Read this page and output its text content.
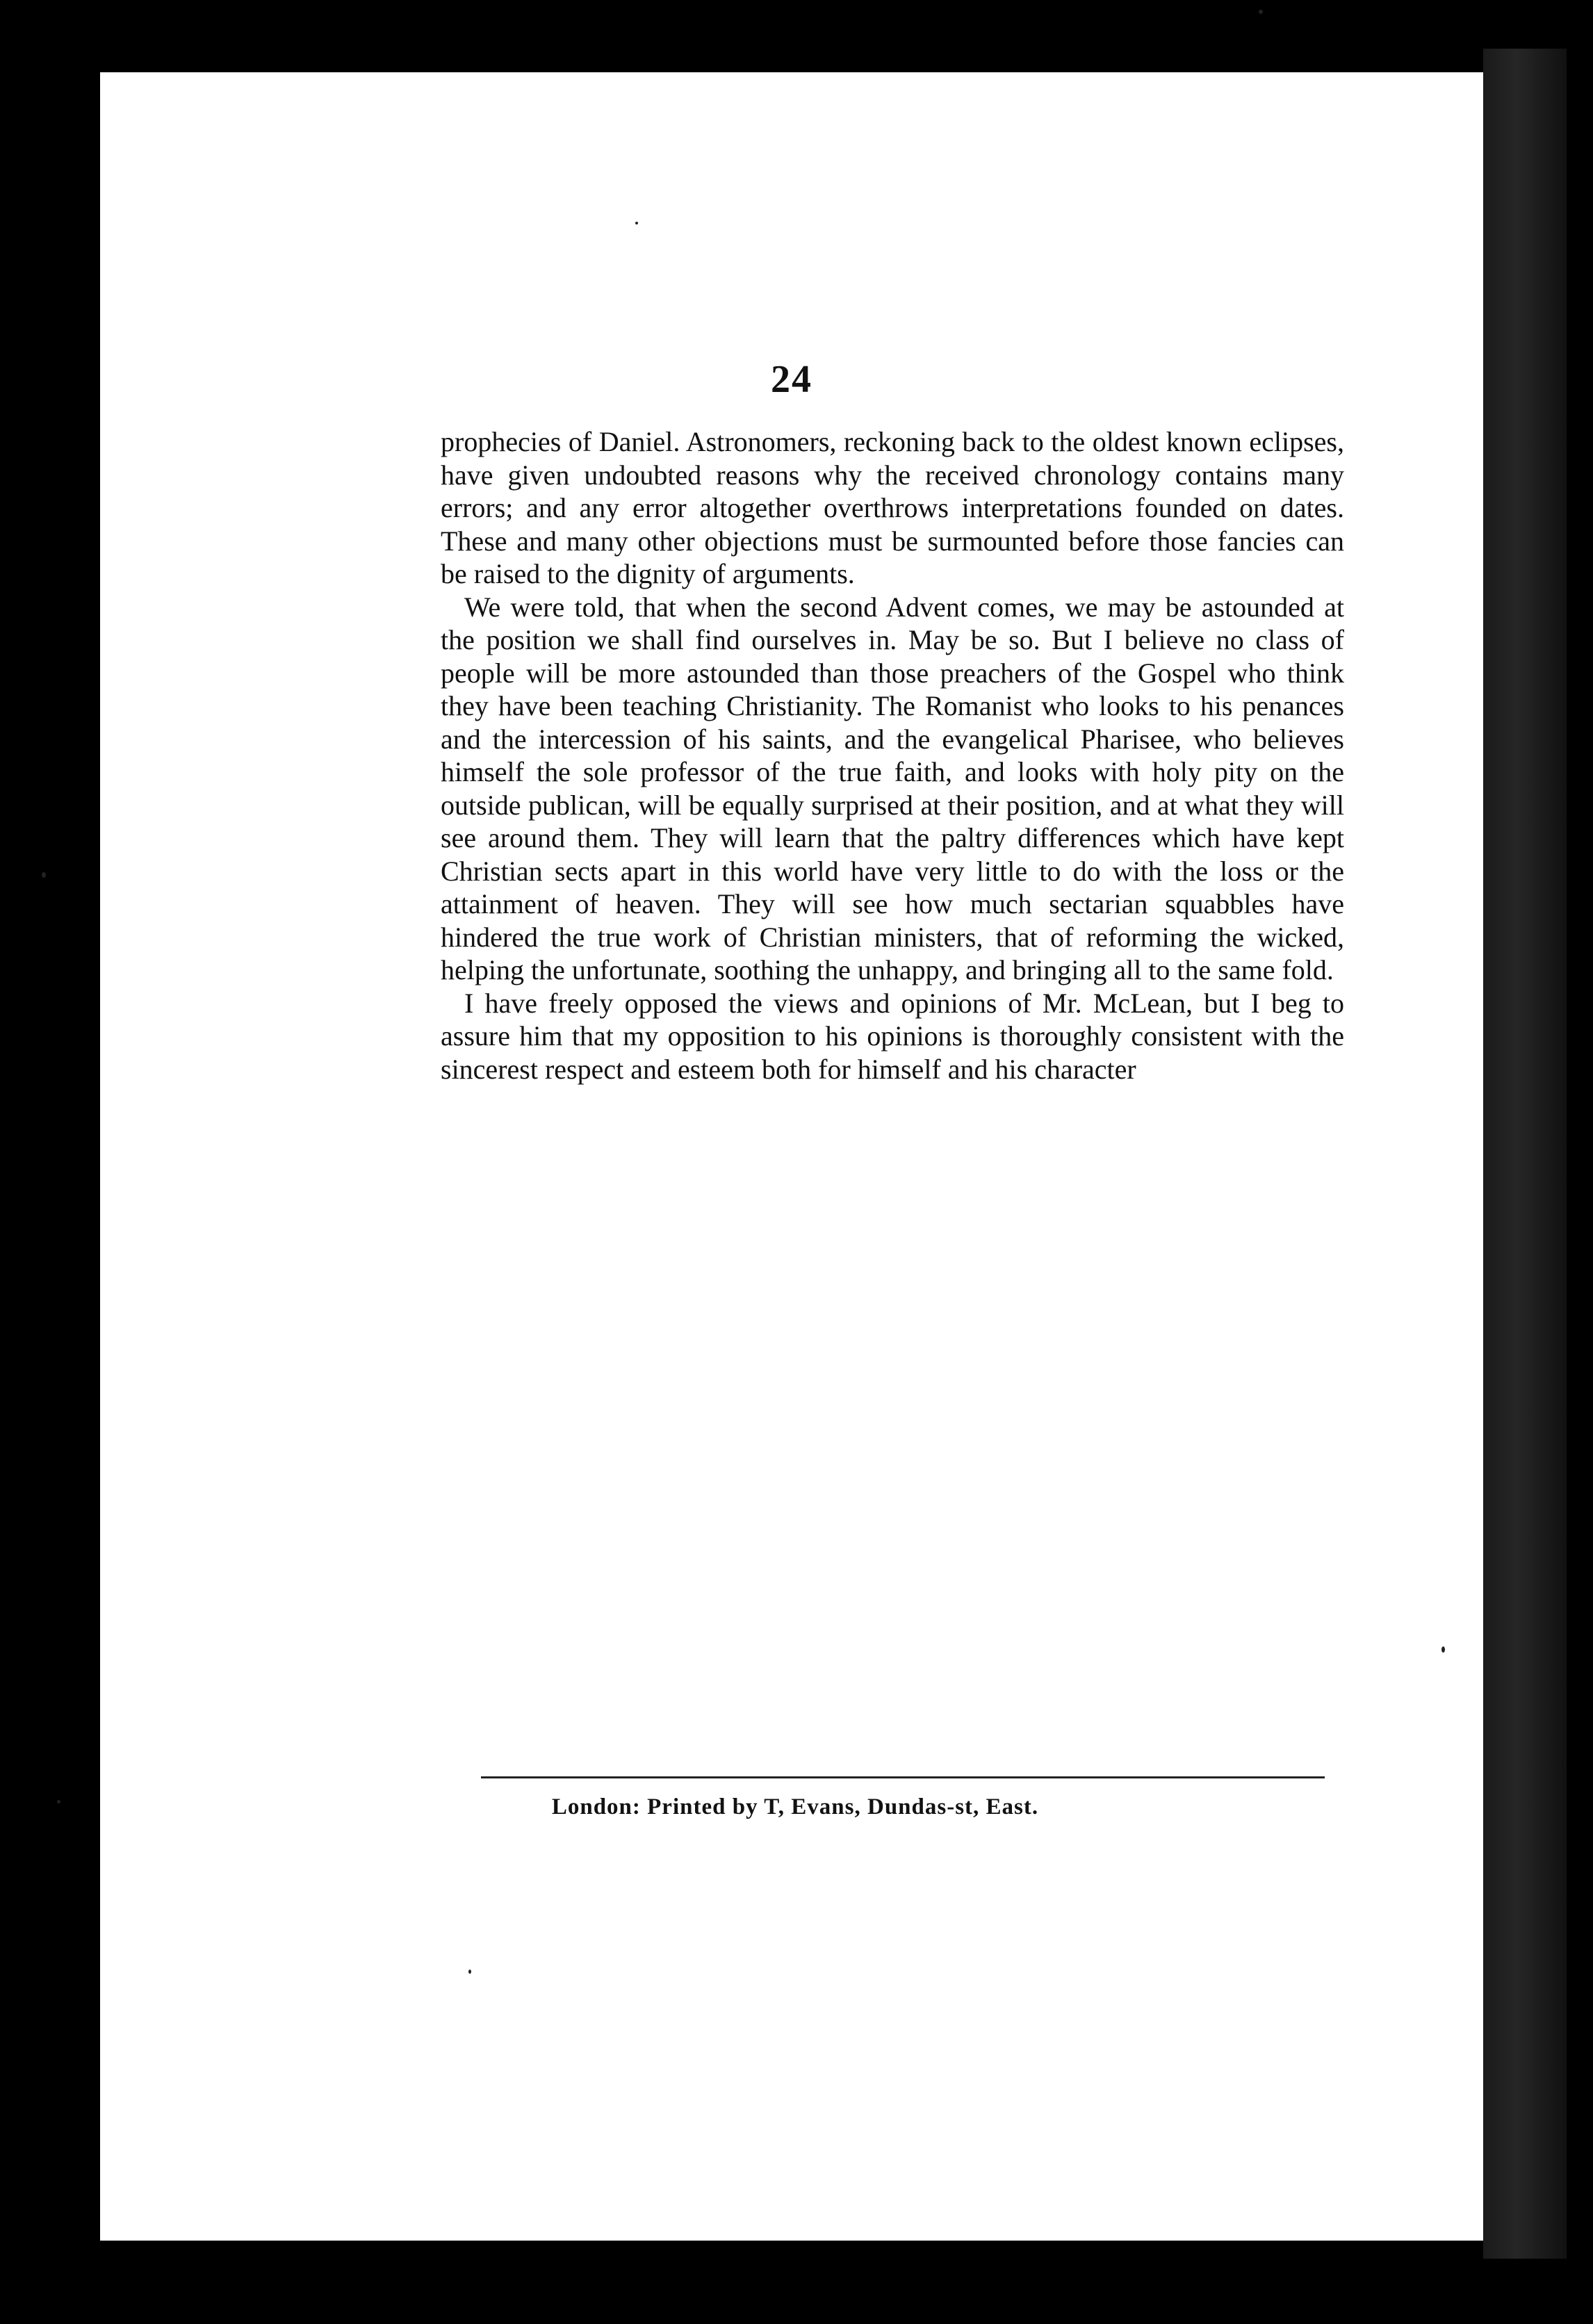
24

prophecies of Daniel. Astronomers, reckoning back to the oldest known eclipses, have given undoubted reasons why the received chronology contains many errors; and any error altogether overthrows interpretations founded on dates. These and many other objections must be surmounted before those fancies can be raised to the dignity of arguments.

We were told, that when the second Advent comes, we may be astounded at the position we shall find ourselves in. May be so. But I believe no class of people will be more astounded than those preachers of the Gospel who think they have been teaching Christianity. The Romanist who looks to his penances and the intercession of his saints, and the evangelical Pharisee, who believes himself the sole professor of the true faith, and looks with holy pity on the outside publican, will be equally surprised at their position, and at what they will see around them. They will learn that the paltry differences which have kept Christian sects apart in this world have very little to do with the loss or the attainment of heaven. They will see how much sectarian squabbles have hindered the true work of Christian ministers, that of reforming the wicked, helping the unfortunate, soothing the unhappy, and bringing all to the same fold.

I have freely opposed the views and opinions of Mr. McLean, but I beg to assure him that my opposition to his opinions is thoroughly consistent with the sincerest respect and esteem both for himself and his character

London: Printed by T, Evans, Dundas-st, East.
